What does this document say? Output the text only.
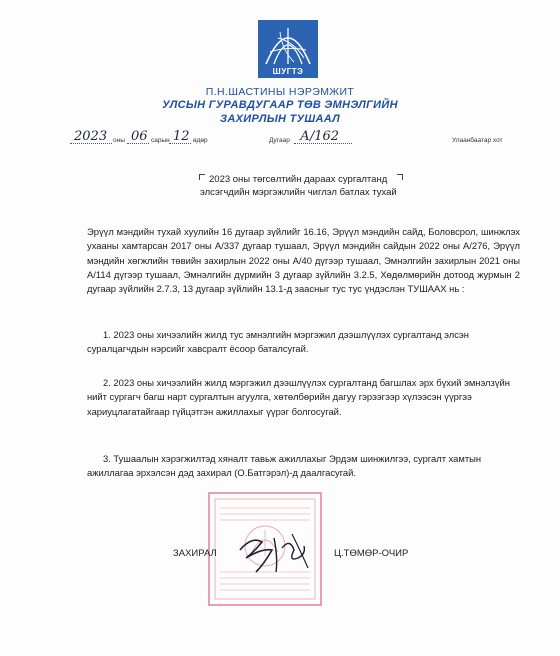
ШУГТЭ
П.Н.ШАСТИНЫ НЭРЭМЖИТ
УЛСЫН ГУРАВДУГААР ТӨВ ЭМНЭЛГИЙН
ЗАХИРЛЫН ТУШААЛ
2023 оны 06 сарын 12 өдөр	Дугаар А/162	Улаанбаатар хот
2023 оны төгсөлтийн дараах сургалтанд
элсэгчдийн мэргэжлийн чиглэл батлах тухай

Эрүүл мэндийн тухай хуулийн 16 дугаар зүйлийг 16.16, Эрүүл мэндийн сайд, Боловсрол, шинжлэх ухааны хамтарсан 2017 оны А/337 дугаар тушаал, Эрүүл мэндийн сайдын 2022 оны А/276, Эрүүл мэндийн хөгжлийн төвийн захирлын 2022 оны А/40 дүгээр тушаал, Эмнэлгийн захирлын 2021 оны А/114 дүгээр тушаал, Эмнэлгийн дүрмийн 3 дугаар зүйлийн 3.2.5, Хөдөлмөрийн дотоод журмын 2 дугаар зүйлийн 2.7.3, 13 дугаар зүйлийн 13.1-д заасныг тус тус үндэслэн ТУШААХ нь :

1. 2023 оны хичээлийн жилд тус эмнэлгийн мэргэжил дээшлүүлэх сургалтанд элсэн суралцагчдын нэрсийг хавсралт ёсоор баталсугай.

2. 2023 оны хичээлийн жилд мэргэжил дээшлүүлэх сургалтанд багшлах эрх бүхий эмнэлзүйн нийт сургагч багш нарт сургалтын агуулга, хөтөлбөрийн дагуу гэрээгээр хүлээсэн үүргээ хариуцлагатайгаар гүйцэтгэн ажиллахыг үүрэг болгосугай.

3. Тушаалын хэрэгжилтэд хяналт тавьж ажиллахыг Эрдэм шинжилгээ, сургалт хамтын ажиллагаа эрхэлсэн дэд захирал (О.Батгэрэл)-д даалгасугай.

ЗАХИРАЛ	Ц.ТӨМӨР-ОЧИР
